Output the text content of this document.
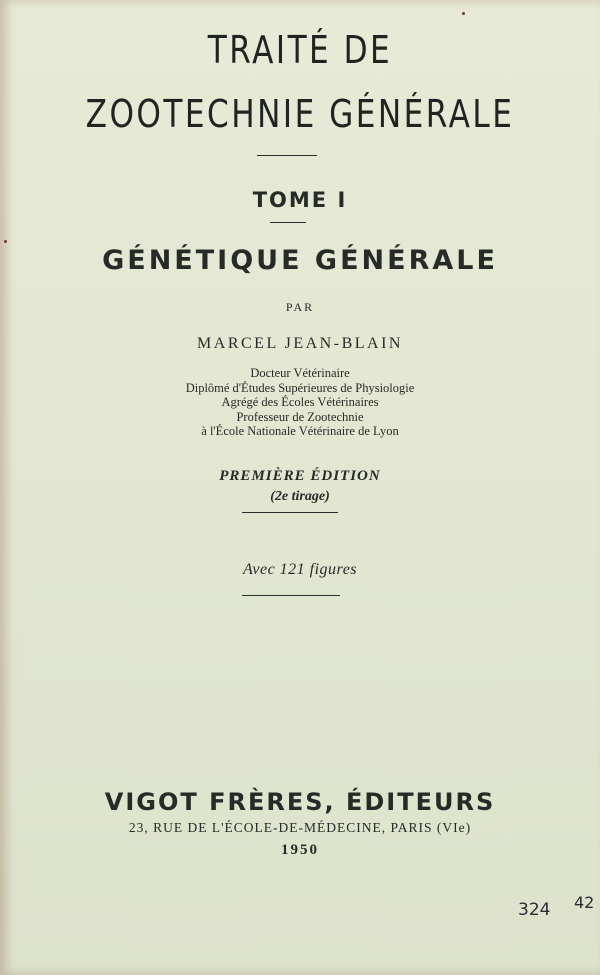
TRAITÉ DE
ZOOTECHNIE GÉNÉRALE
TOME I
GÉNÉTIQUE GÉNÉRALE
PAR
MARCEL JEAN-BLAIN
Docteur Vétérinaire
Diplômé d'Études Supérieures de Physiologie
Agrégé des Écoles Vétérinaires
Professeur de Zootechnie
à l'École Nationale Vétérinaire de Lyon
PREMIÈRE ÉDITION
(2e tirage)
Avec 121 figures
VIGOT FRÈRES, ÉDITEURS
23, RUE DE L'ÉCOLE-DE-MÉDECINE, PARIS (VIe)
1950
324 42
